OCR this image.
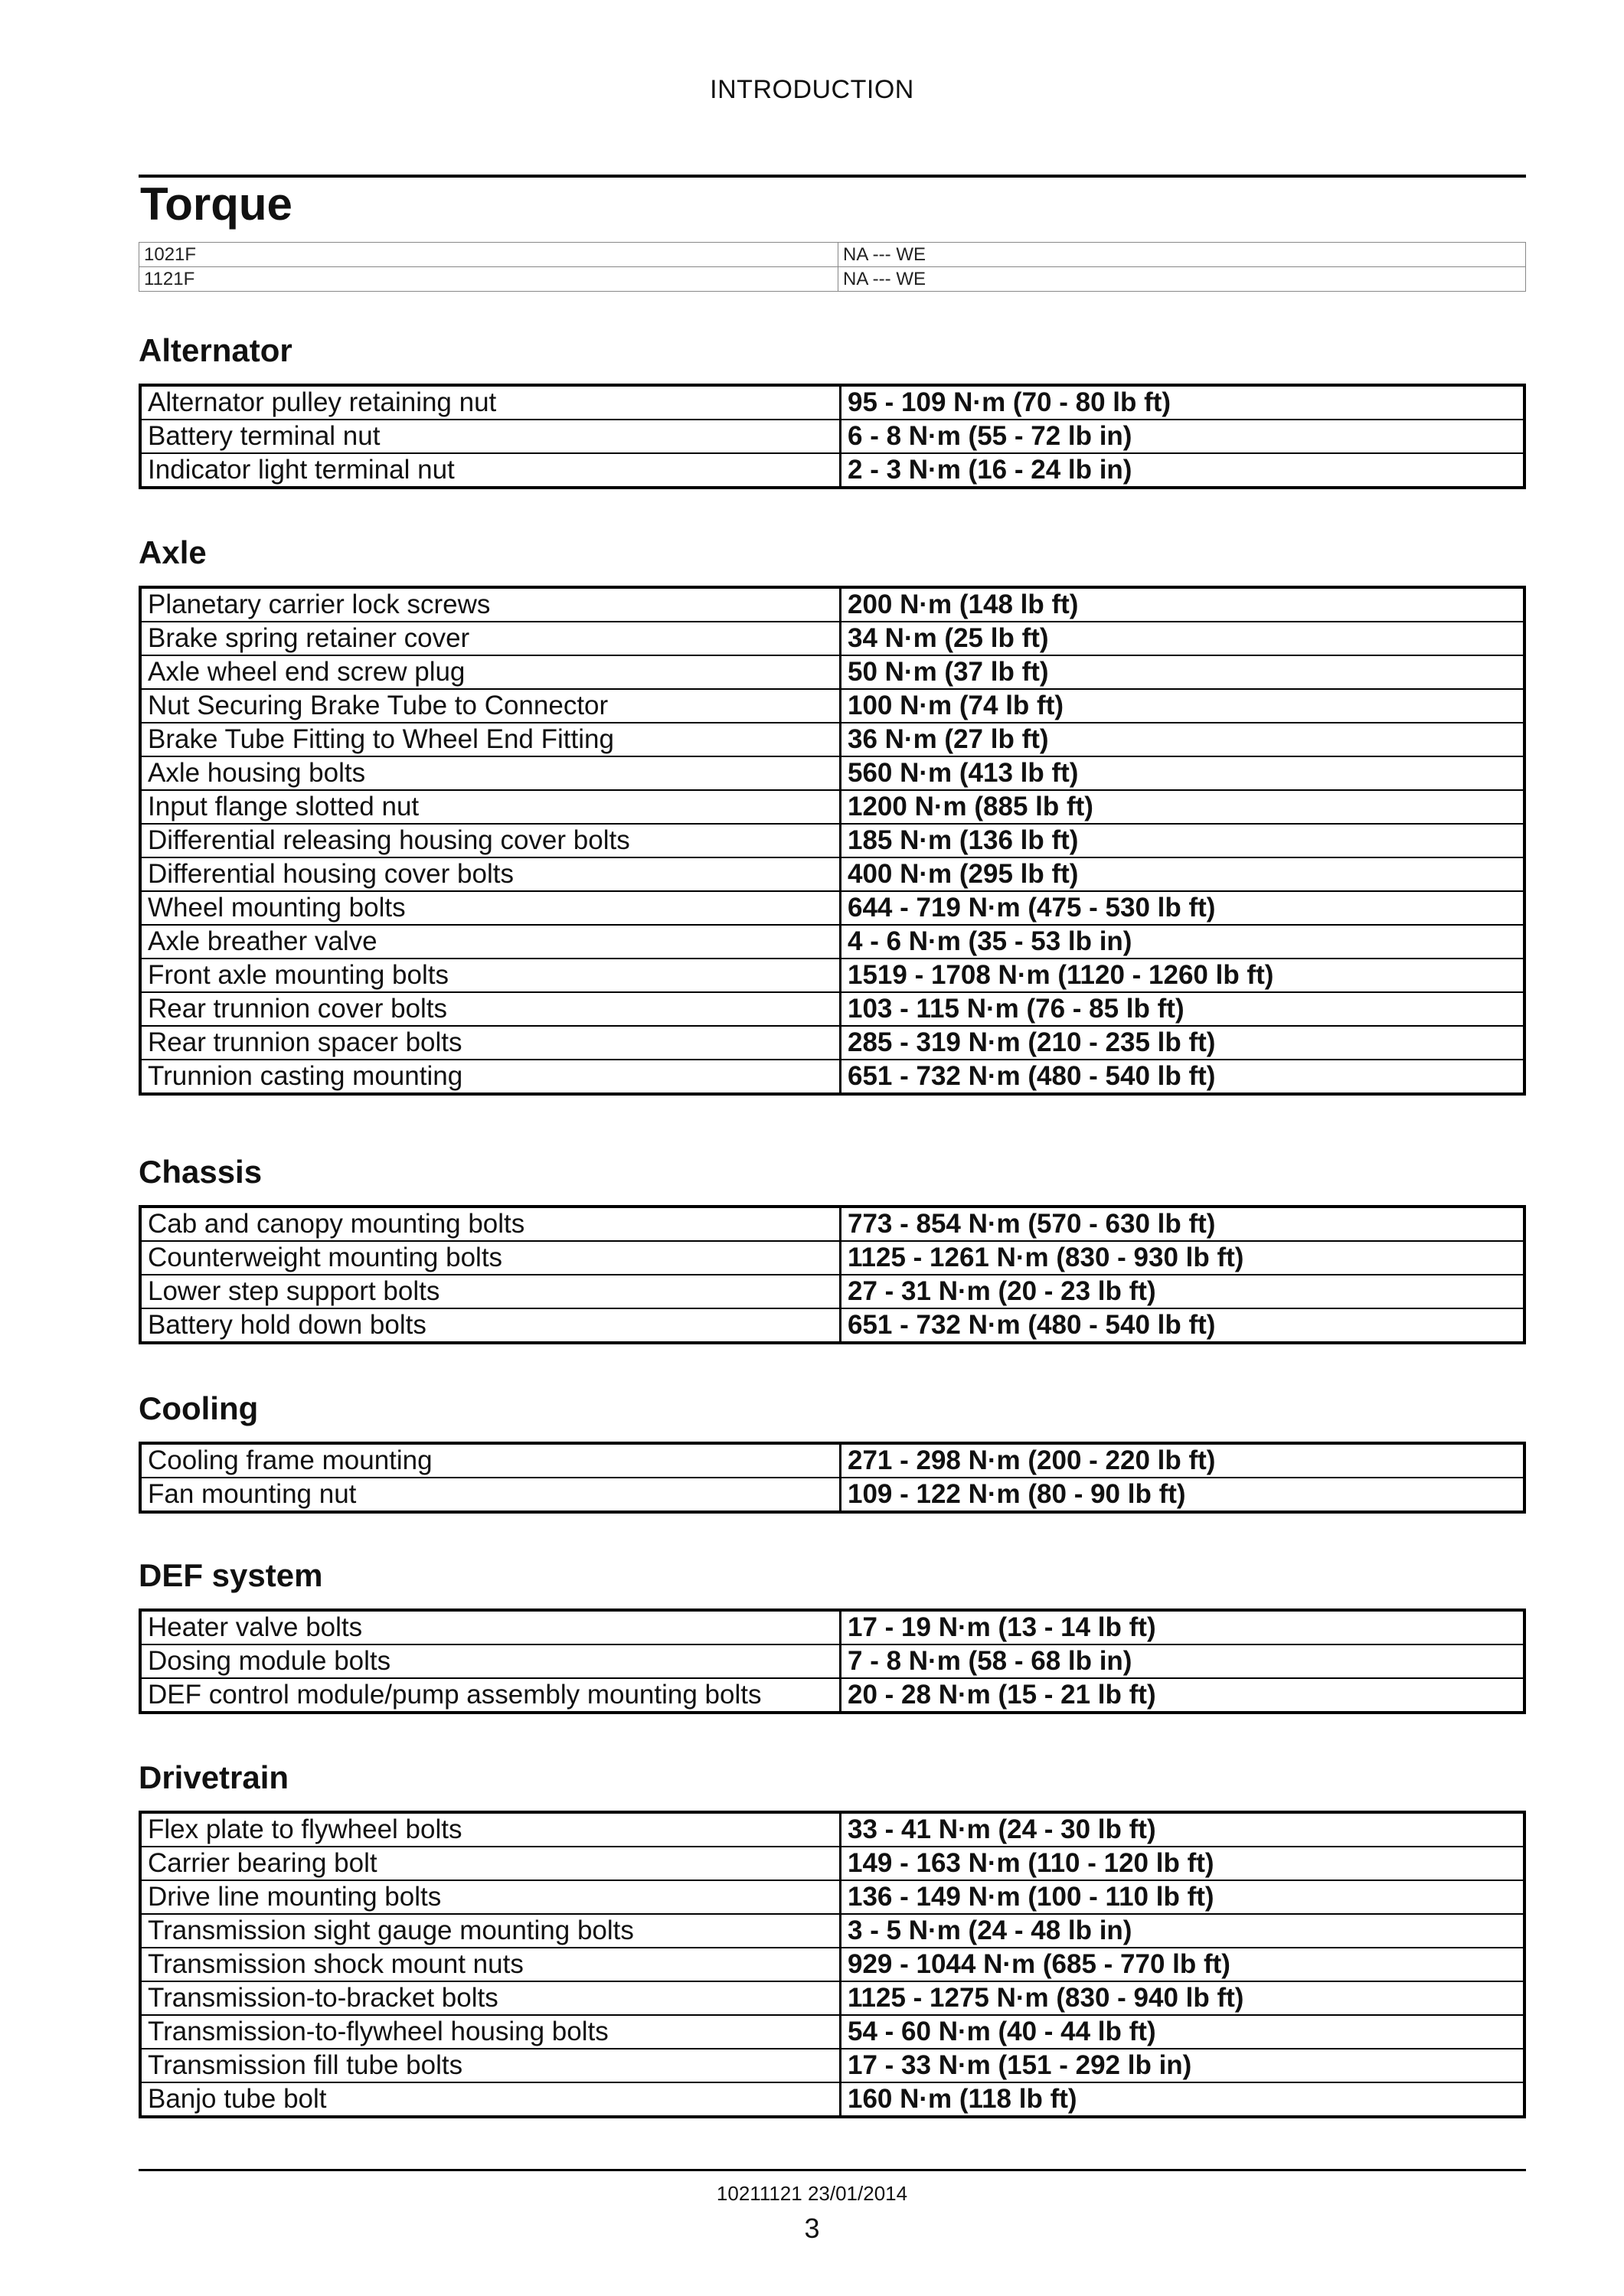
INTRODUCTION
Torque
1021F	NA --- WE
1121F	NA --- WE
Alternator
Alternator pulley retaining nut	95 - 109 N·m (70 - 80 lb ft)
Battery terminal nut	6 - 8 N·m (55 - 72 lb in)
Indicator light terminal nut	2 - 3 N·m (16 - 24 lb in)
Axle
Planetary carrier lock screws	200 N·m (148 lb ft)
Brake spring retainer cover	34 N·m (25 lb ft)
Axle wheel end screw plug	50 N·m (37 lb ft)
Nut Securing Brake Tube to Connector	100 N·m (74 lb ft)
Brake Tube Fitting to Wheel End Fitting	36 N·m (27 lb ft)
Axle housing bolts	560 N·m (413 lb ft)
Input flange slotted nut	1200 N·m (885 lb ft)
Differential releasing housing cover bolts	185 N·m (136 lb ft)
Differential housing cover bolts	400 N·m (295 lb ft)
Wheel mounting bolts	644 - 719 N·m (475 - 530 lb ft)
Axle breather valve	4 - 6 N·m (35 - 53 lb in)
Front axle mounting bolts	1519 - 1708 N·m (1120 - 1260 lb ft)
Rear trunnion cover bolts	103 - 115 N·m (76 - 85 lb ft)
Rear trunnion spacer bolts	285 - 319 N·m (210 - 235 lb ft)
Trunnion casting mounting	651 - 732 N·m (480 - 540 lb ft)
Chassis
Cab and canopy mounting bolts	773 - 854 N·m (570 - 630 lb ft)
Counterweight mounting bolts	1125 - 1261 N·m (830 - 930 lb ft)
Lower step support bolts	27 - 31 N·m (20 - 23 lb ft)
Battery hold down bolts	651 - 732 N·m (480 - 540 lb ft)
Cooling
Cooling frame mounting	271 - 298 N·m (200 - 220 lb ft)
Fan mounting nut	109 - 122 N·m (80 - 90 lb ft)
DEF system
Heater valve bolts	17 - 19 N·m (13 - 14 lb ft)
Dosing module bolts	7 - 8 N·m (58 - 68 lb in)
DEF control module/pump assembly mounting bolts	20 - 28 N·m (15 - 21 lb ft)
Drivetrain
Flex plate to flywheel bolts	33 - 41 N·m (24 - 30 lb ft)
Carrier bearing bolt	149 - 163 N·m (110 - 120 lb ft)
Drive line mounting bolts	136 - 149 N·m (100 - 110 lb ft)
Transmission sight gauge mounting bolts	3 - 5 N·m (24 - 48 lb in)
Transmission shock mount nuts	929 - 1044 N·m (685 - 770 lb ft)
Transmission-to-bracket bolts	1125 - 1275 N·m (830 - 940 lb ft)
Transmission-to-flywheel housing bolts	54 - 60 N·m (40 - 44 lb ft)
Transmission fill tube bolts	17 - 33 N·m (151 - 292 lb in)
Banjo tube bolt	160 N·m (118 lb ft)
10211121 23/01/2014
3
